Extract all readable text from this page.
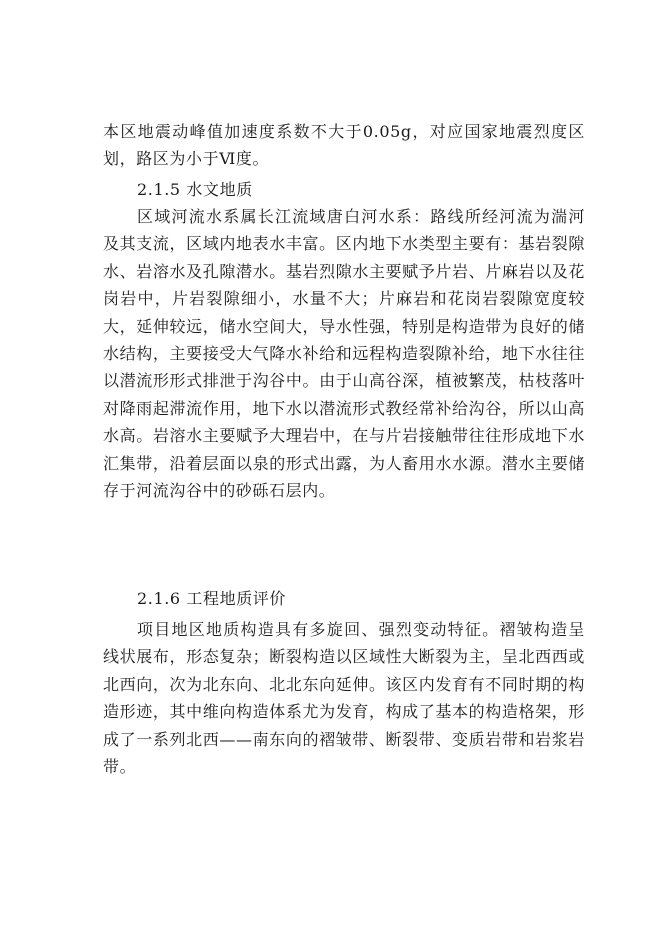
本区地震动峰值加速度系数不大于0.05g，对应国家地震烈度区划，路区为小于Ⅵ度。

2.1.5 水文地质

区域河流水系属长江流域唐白河水系：路线所经河流为湍河及其支流，区域内地表水丰富。区内地下水类型主要有：基岩裂隙水、岩溶水及孔隙潜水。基岩烈隙水主要赋予片岩、片麻岩以及花岗岩中，片岩裂隙细小，水量不大；片麻岩和花岗岩裂隙宽度较大，延伸较远，储水空间大，导水性强，特别是构造带为良好的储水结构，主要接受大气降水补给和远程构造裂隙补给，地下水往往以潜流形形式排泄于沟谷中。由于山高谷深，植被繁茂，枯枝落叶对降雨起滞流作用，地下水以潜流形式教经常补给沟谷，所以山高水高。岩溶水主要赋予大理岩中，在与片岩接触带往往形成地下水汇集带，沿着层面以泉的形式出露，为人畜用水水源。潜水主要储存于河流沟谷中的砂砾石层内。

2.1.6 工程地质评价

项目地区地质构造具有多旋回、强烈变动特征。褶皱构造呈线状展布，形态复杂；断裂构造以区域性大断裂为主，呈北西西或北西向，次为北东向、北北东向延伸。该区内发育有不同时期的构造形迹，其中维向构造体系尤为发育，构成了基本的构造格架，形成了一系列北西——南东向的褶皱带、断裂带、变质岩带和岩浆岩带。
